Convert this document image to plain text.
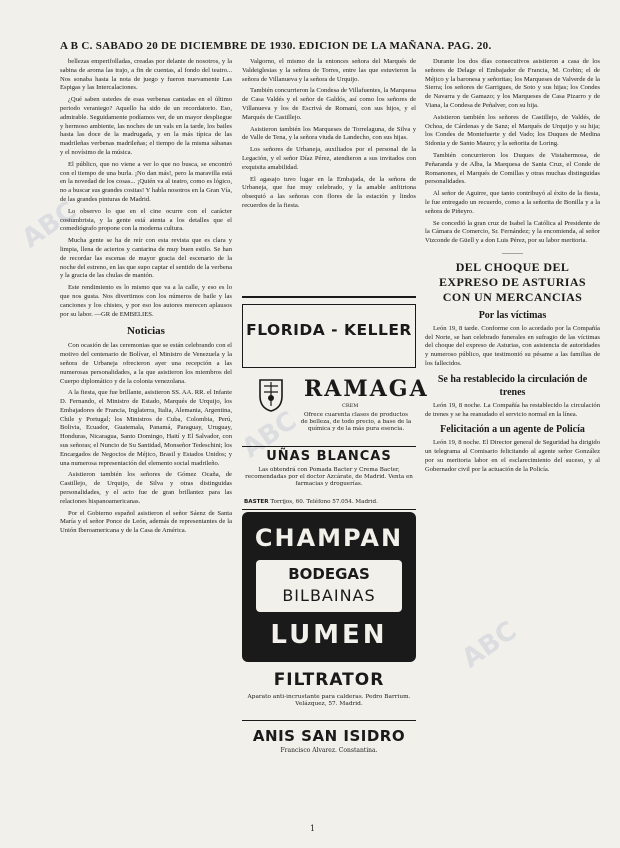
ABC
ABC
ABC
A B C. SABADO 20 DE DICIEMBRE DE 1930. EDICION DE LA MAÑANA. PAG. 20.

bellezas emperifolladas, creadas por delante de nosotros, y la sabina de aroma las trajo, a fin de cuentas, al fondo del teatro... Nos sonaba hasta la nota de juego y fueron nuevamente Las Espigas y las Intercalaciones.

¿Qué saben ustedes de esas verbenas cantadas en el último periodo veraniego? Aquello ha sido de un recordatorio. Eso, admirable. Seguidamente podíamos ver, de un mayor despliegue y hermoso ambiente, las noches de un vals en la tarde, los bailes hasta las doce de la madrugada, y en la más típica de las madrileñas verbenas madrileñas; el tiempo de la misma sábanas y el novísimo de la música.

El público, que no viene a ver lo que no busca, se encontró con el tiempo de una burla. ¡No dan más!, pero la maravilla está en la novedad de los cosas... ¡Quién va al teatro, como es lógico, no a buscar sus grandes cositas! Y habla nosotros en la Gran Vía, de las grandes pinturas de Madrid.

Lo observo lo que en el cine ocurre con el carácter costumbrista, y la gente está atenta a los detalles que el comediógrafo propone con la moderna cultura.

Mucha gente se ha de reír con esta revista que es clara y limpia, llena de aciertos y cantarina de muy buen estilo. Se han de recordar las escenas de mayor gracia del escenario de la noche del estreno, en las que supo captar el sentido de la verbena y la gracia de las chulas de mantón.

Este rendimiento es lo mismo que va a la calle, y eso es lo que nos gusta. Nos divertimos con los números de baile y las canciones y los chistes, y por eso los autores merecen aplausos por su labor. —GR de EMBELIES.

Noticias

Con ocasión de las ceremonias que se están celebrando con el motivo del centenario de Bolívar, el Ministro de Venezuela y la señora de Urbaneja ofrecieron ayer una recepción a las numerosas personalidades, a la que asistieron los miembros del Cuerpo diplomático y de la colonia venezolana.

A la fiesta, que fue brillante, asistieron SS. AA. RR. el Infante D. Fernando, el Ministro de Estado, Marqués de Urquijo, los Embajadores de Francia, Inglaterra, Italia, Alemania, Argentina, Chile y Portugal; los Ministros de Cuba, Colombia, Perú, Bolivia, Ecuador, Guatemala, Panamá, Paraguay, Uruguay, Honduras, Nicaragua, Santo Domingo, Haití y El Salvador, con sus señoras; el Nuncio de Su Santidad, Monseñor Tedeschini; los Encargados de Negocios de Méjico, Brasil y Estados Unidos; y una numerosa representación del elemento social madrileño.

Asistieron también los señores de Gómez Ocaña, de Castillejo, de Urquijo, de Silva y otras distinguidas personalidades, y el acto fue de gran brillantez para las relaciones hispanoamericanas.

Por el Gobierno español asistieron el señor Sáenz de Santa María y el señor Ponce de León, además de representantes de la Unión Iberoamericana y de la Casa de América.

Valgorno, el mismo de la entonces señora del Marqués de Valdeiglesias y la señora de Torres, entre las que estuvieron la señora de Villanueva y la señora de Urquijo.

También concurrieron la Condesa de Villafuentes, la Marquesa de Casa Valdés y el señor de Galdós, así como los señores de Villanueva y los de Escrivá de Romaní, con sus hijos, y el Marqués de Castillejo.

Asistieron también los Marqueses de Torrelaguna, de Silva y de Valle de Tena, y la señora viuda de Landecho, con sus hijas.

Los señores de Urbaneja, auxiliados por el personal de la Legación, y el señor Díaz Pérez, atendieron a sus invitados con exquisita amabilidad.

El agasajo tuvo lugar en la Embajada, de la señora de Urbaneja, que fue muy celebrado, y la amable anfitriona obsequió a las señoras con flores de la estación y lindos recuerdos de la fiesta.

FLORIDA - KELLER
RAMAGA
CREM
Ofrece cuarenta clases de productos de belleza, de todo precio, a base de la química y de la más pura esencia.
UÑAS BLANCAS
Las obtendrá con Pomada Bacter y Crema Bacter, recomendadas por el doctor Azcárate, de Madrid. Venta en farmacias y droguerías.
BASTER Torrijos, 60. Teléfono 57.054. Madrid.
CHAMPAN
BODEGAS
BILBAINAS
LUMEN
FILTRATOR
Aparato anti-incrustante para calderas. Pedro Barrium. Velázquez, 57. Madrid.
ANIS SAN ISIDRO
Francisco Alvarez. Constantina.

Durante los dos días consecutivos asistieron a casa de los señores de Delage el Embajador de Francia, M. Corbin; el de Méjico y la baronesa y señoritas; los Marqueses de Valverde de la Sierra; los señores de Garrigues, de Soto y sus hijas; los Condes de Navarra y de Gamazo; y los Marqueses de Casa Pizarro y de Viana, la Condesa de Peñalver, con su hija.

Asistieron también los señores de Castillejo, de Valdés, de Ochoa, de Cárdenas y de Sanz; el Marqués de Urquijo y su hija; los Condes de Montefuerte y del Vado; los Duques de Medina Sidonia y de Santo Mauro; y la señorita de Loring.

También concurrieron los Duques de Vistahermosa, de Peñaranda y de Alba, la Marquesa de Santa Cruz, el Conde de Romanones, el Marqués de Comillas y otras muchas distinguidas personalidades.

Al señor de Aguirre, que tanto contribuyó al éxito de la fiesta, le fue entregado un recuerdo, como a la señorita de Bonilla y a la señora de Piñeyro.

Se concedió la gran cruz de Isabel la Católica al Presidente de la Cámara de Comercio, Sr. Fernández; y la encomienda, al señor Vizconde de Güell y a don Luis Pérez, por su labor meritoria.

———
DEL CHOQUE DEL EXPRESO DE ASTURIAS CON UN MERCANCIAS
Por las víctimas

León 19, 8 tarde. Conforme con lo acordado por la Compañía del Norte, se han celebrado funerales en sufragio de las víctimas del choque del expreso de Asturias, con asistencia de autoridades y numeroso público, que testimonió su pésame a las familias de los fallecidos.

Se ha restablecido la circulación de trenes

León 19, 8 noche. La Compañía ha restablecido la circulación de trenes y se ha reanudado el servicio normal en la línea.

Felicitación a un agente de Policía

León 19, 8 noche. El Director general de Seguridad ha dirigido un telegrama al Comisario felicitando al agente señor González por su meritoria labor en el esclarecimiento del suceso, y al Gobernador civil por la actuación de la Policía.

1
